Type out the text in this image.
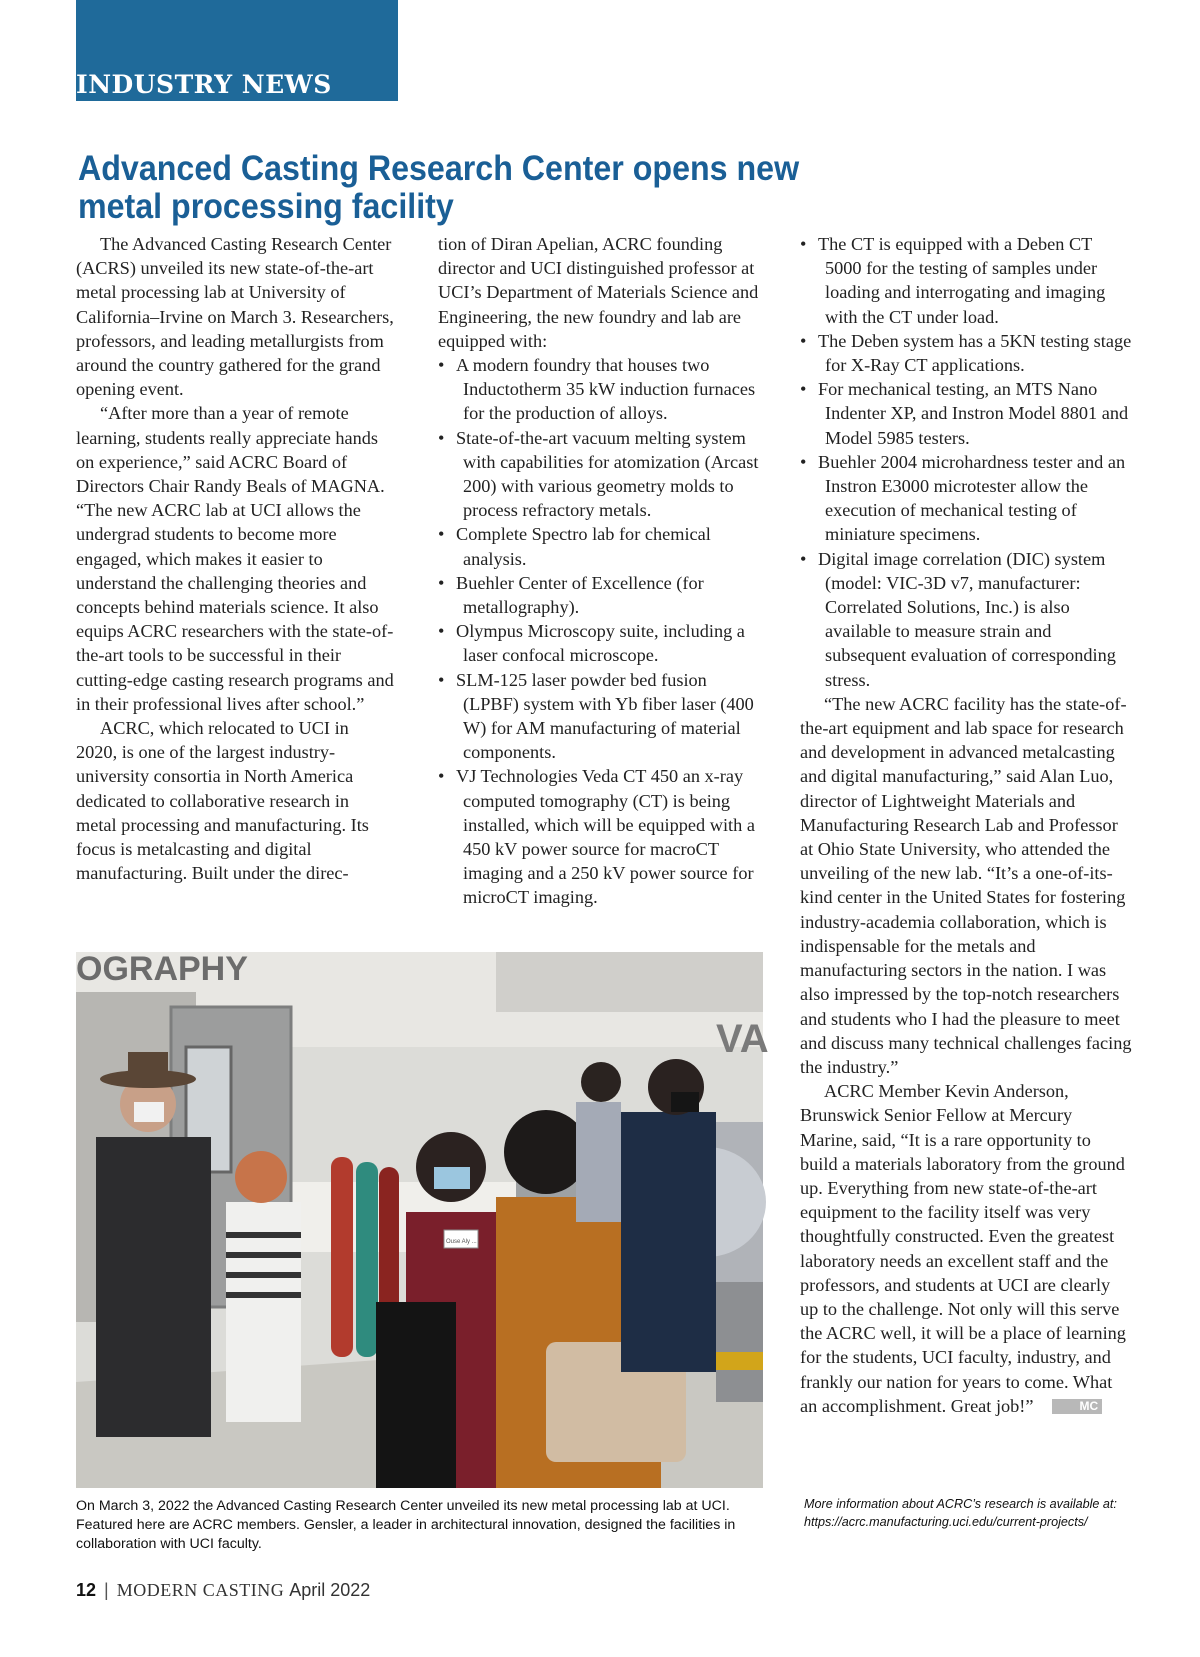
INDUSTRY NEWS
Advanced Casting Research Center opens new metal processing facility

The Advanced Casting Research Center (ACRS) unveiled its new state-of-the-art metal processing lab at University of California–Irvine on March 3. Researchers, professors, and leading metallurgists from around the country gathered for the grand opening event.

“After more than a year of remote learning, students really appreciate hands on experience,” said ACRC Board of Directors Chair Randy Beals of MAGNA. “The new ACRC lab at UCI allows the undergrad students to become more engaged, which makes it easier to understand the challenging theories and concepts behind materials science. It also equips ACRC researchers with the state-of-the-art tools to be successful in their cutting-edge casting research programs and in their professional lives after school.”

ACRC, which relocated to UCI in 2020, is one of the largest industry-university consortia in North America dedicated to collaborative research in metal processing and manufacturing. Its focus is metalcasting and digital manufacturing. Built under the direc-

tion of Diran Apelian, ACRC founding director and UCI distinguished professor at UCI’s Department of Materials Science and Engineering, the new foundry and lab are equipped with:

• A modern foundry that houses two Inductotherm 35 kW induction furnaces for the production of alloys.
• State-of-the-art vacuum melting system with capabilities for atomization (Arcast 200) with various geometry molds to process refractory metals.
• Complete Spectro lab for chemical analysis.
• Buehler Center of Excellence (for metallography).
• Olympus Microscopy suite, including a laser confocal microscope.
• SLM-125 laser powder bed fusion (LPBF) system with Yb fiber laser (400 W) for AM manufacturing of material components.
• VJ Technologies Veda CT 450 an x-ray computed tomography (CT) is being installed, which will be equipped with a 450 kV power source for macroCT imaging and a 250 kV power source for microCT imaging.
• The CT is equipped with a Deben CT 5000 for the testing of samples under loading and interrogating and imaging with the CT under load.
• The Deben system has a 5KN testing stage for X-Ray CT applications.
• For mechanical testing, an MTS Nano Indenter XP, and Instron Model 8801 and Model 5985 testers.
• Buehler 2004 microhardness tester and an Instron E3000 microtester allow the execution of mechanical testing of miniature specimens.
• Digital image correlation (DIC) system (model: VIC-3D v7, manufacturer: Correlated Solutions, Inc.) is also available to measure strain and subsequent evaluation of corresponding stress.

“The new ACRC facility has the state-of-the-art equipment and lab space for research and development in advanced metalcasting and digital manufacturing,” said Alan Luo, director of Lightweight Materials and Manufacturing Research Lab and Professor at Ohio State University, who attended the unveiling of the new lab. “It’s a one-of-its-kind center in the United States for fostering industry-academia collaboration, which is indispensable for the metals and manufacturing sectors in the nation. I was also impressed by the top-notch researchers and students who I had the pleasure to meet and discuss many technical challenges facing the industry.”

ACRC Member Kevin Anderson, Brunswick Senior Fellow at Mercury Marine, said, “It is a rare opportunity to build a materials laboratory from the ground up. Everything from new state-of-the-art equipment to the facility itself was very thoughtfully constructed. Even the greatest laboratory needs an excellent staff and the professors, and students at UCI are clearly up to the challenge. Not only will this serve the ACRC well, it will be a place of learning for the students, UCI faculty, industry, and frankly our nation for years to come. What an accomplishment. Great job!”	MC

OGRAPHY
VA
Ouse Aly ...

On March 3, 2022 the Advanced Casting Research Center unveiled its new metal processing lab at UCI. Featured here are ACRC members. Gensler, a leader in architectural innovation, designed the facilities in collaboration with UCI faculty.

More information about ACRC’s research is available at: https://acrc.manufacturing.uci.edu/current-projects/

12 | MODERN CASTING April 2022
